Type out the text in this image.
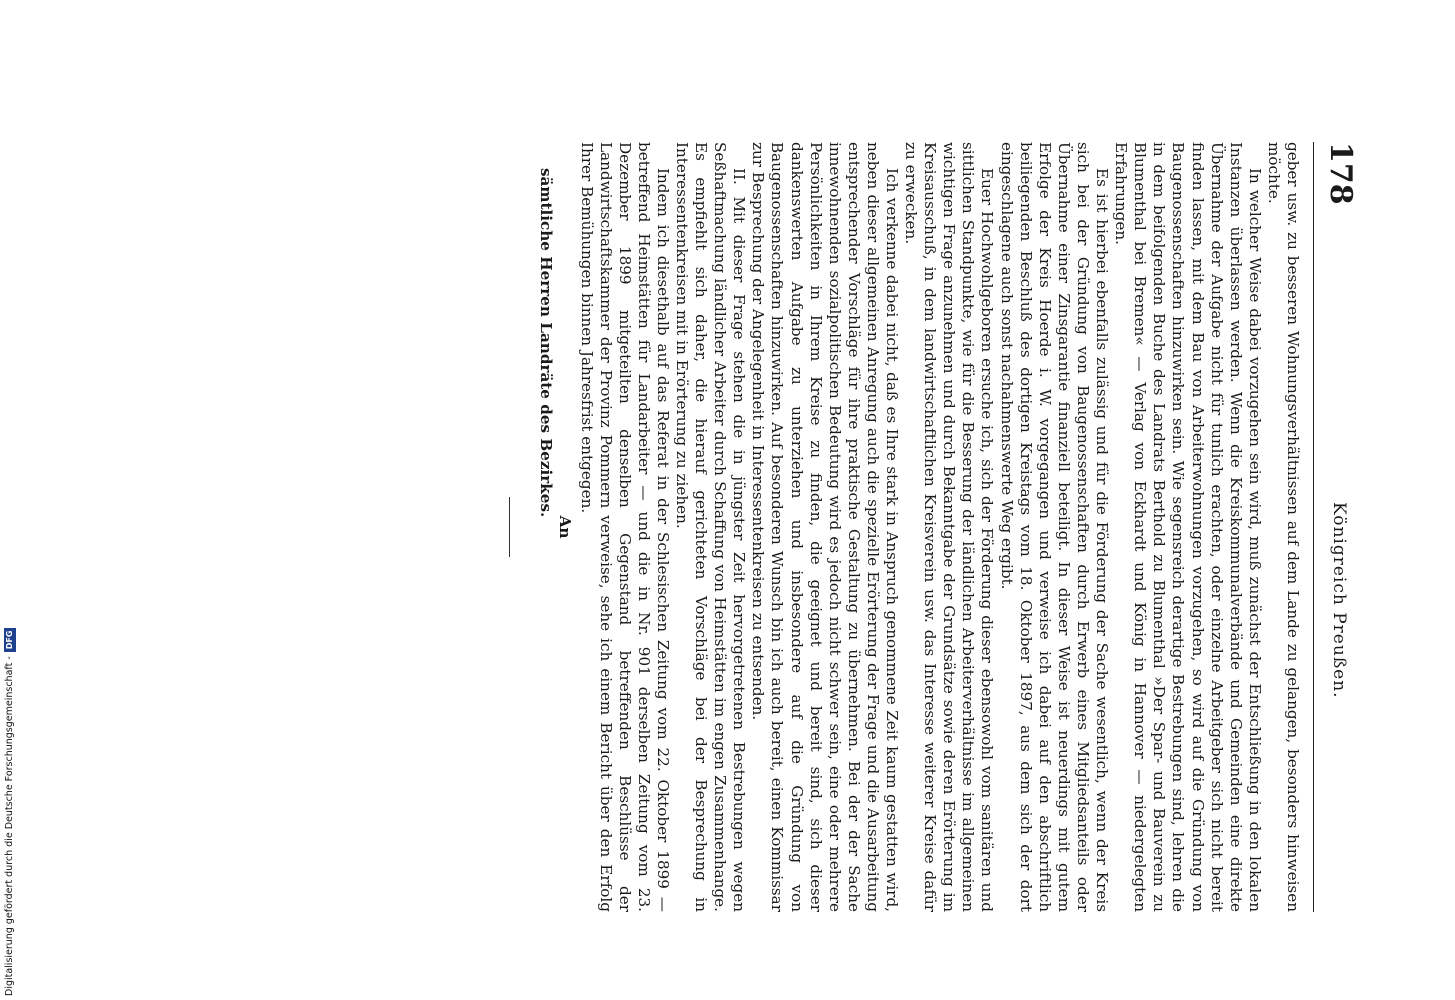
178
Königreich Preußen.

geber usw. zu besseren Wohnungsverhältnissen auf dem Lande zu gelangen, besonders hinweisen möchte.

In welcher Weise dabei vorzugehen sein wird, muß zunächst der Entschließung in den lokalen Instanzen überlassen werden. Wenn die Kreiskommunalverbände und Gemeinden eine direkte Übernahme der Aufgabe nicht für tunlich erachten, oder einzelne Arbeitgeber sich nicht bereit finden lassen, mit dem Bau von Arbeiterwohnungen vorzugehen, so wird auf die Gründung von Baugenossenschaften hinzuwirken sein. Wie segensreich derartige Bestrebungen sind, lehren die in dem beifolgenden Buche des Landrats Berthold zu Blumenthal »Der Spar- und Bauverein zu Blumenthal bei Bremen« — Verlag von Eckhardt und König in Hannover — niedergelegten Erfahrungen.

Es ist hierbei ebenfalls zulässig und für die Förderung der Sache wesentlich, wenn der Kreis sich bei der Gründung von Baugenossenschaften durch Erwerb eines Mitgliedsanteils oder Übernahme einer Zinsgarantie finanziell beteiligt. In dieser Weise ist neuerdings mit gutem Erfolge der Kreis Hoerde i. W. vorgegangen und verweise ich dabei auf den abschriftlich beiliegenden Beschluß des dortigen Kreistags vom 18. Oktober 1897, aus dem sich der dort eingeschlagene auch sonst nachahmenswerte Weg ergibt.

Euer Hochwohlgeboren ersuche ich, sich der Förderung dieser ebensowohl vom sanitären und sittlichen Standpunkte, wie für die Besserung der ländlichen Arbeiterverhältnisse im allgemeinen wichtigen Frage anzunehmen und durch Bekanntgabe der Grundsätze sowie deren Erörterung im Kreisausschuß, in dem landwirtschaftlichen Kreisverein usw. das Interesse weiterer Kreise dafür zu erwecken.

Ich verkenne dabei nicht, daß es Ihre stark in Anspruch genommene Zeit kaum gestatten wird, neben dieser allgemeinen Anregung auch die spezielle Erörterung der Frage und die Ausarbeitung entsprechender Vorschläge für ihre praktische Gestaltung zu übernehmen. Bei der der Sache innewohnenden sozialpolitischen Bedeutung wird es jedoch nicht schwer sein, eine oder mehrere Persönlichkeiten in Ihrem Kreise zu finden, die geeignet und bereit sind, sich dieser dankenswerten Aufgabe zu unterziehen und insbesondere auf die Gründung von Baugenossenschaften hinzuwirken. Auf besonderen Wunsch bin ich auch bereit, einen Kommissar zur Besprechung der Angelegenheit in Interessentenkreisen zu entsenden.

II. Mit dieser Frage stehen die in jüngster Zeit hervorgetretenen Bestrebungen wegen Seßhaftmachung ländlicher Arbeiter durch Schaffung von Heimstätten im engen Zusammenhange. Es empfiehlt sich daher, die hierauf gerichteten Vorschläge bei der Besprechung in Interessentenkreisen mit in Erörterung zu ziehen.

Indem ich diesethalb auf das Referat in der Schlesischen Zeitung vom 22. Oktober 1899 — betreffend Heimstätten für Landarbeiter — und die in Nr. 901 derselben Zeitung vom 23. Dezember 1899 mitgeteilten denselben Gegenstand betreffenden Beschlüsse der Landwirtschaftskammer der Provinz Pommern verweise, sehe ich einem Bericht über den Erfolg Ihrer Bemühungen binnen Jahresfrist entgegen.

An

sämtliche Herren Landräte des Bezirkes.

Digitalisierung gefördert durch die Deutsche Forschungsgemeinschaft -
DFG
